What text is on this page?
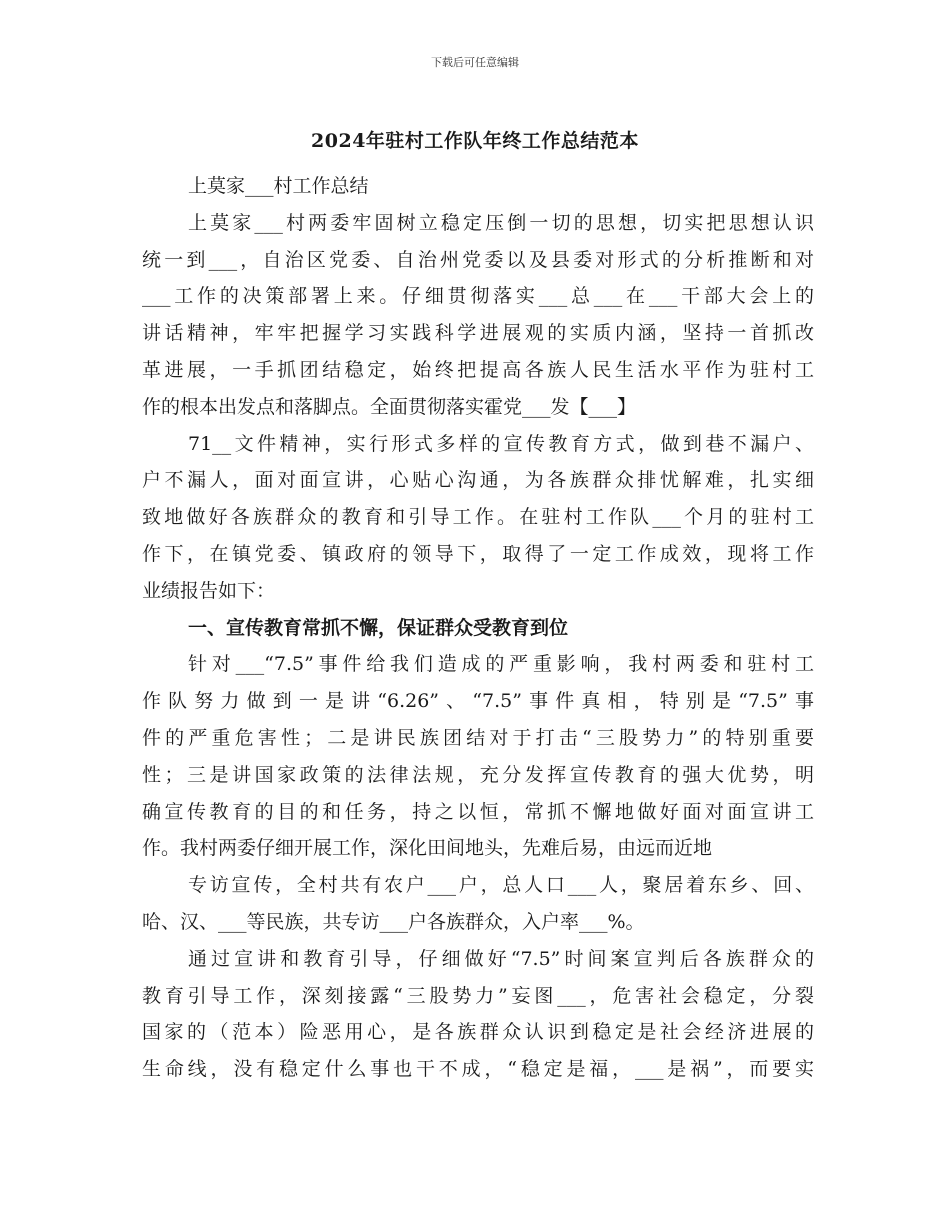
下载后可任意编辑
2024年驻村工作队年终工作总结范本
上莫家___村工作总结
上莫家___村两委牢固树立稳定压倒一切的思想，切实把思想认识
统一到___，自治区党委、自治州党委以及县委对形式的分析推断和对
___工作的决策部署上来。仔细贯彻落实___总___在___干部大会上的
讲话精神，牢牢把握学习实践科学进展观的实质内涵，坚持一首抓改
革进展，一手抓团结稳定，始终把提高各族人民生活水平作为驻村工
作的根本出发点和落脚点。全面贯彻落实霍党___发【___】
71__文件精神，实行形式多样的宣传教育方式，做到巷不漏户、
户不漏人，面对面宣讲，心贴心沟通，为各族群众排忧解难，扎实细
致地做好各族群众的教育和引导工作。在驻村工作队___个月的驻村工
作下，在镇党委、镇政府的领导下，取得了一定工作成效，现将工作
业绩报告如下：
一、宣传教育常抓不懈，保证群众受教育到位
针对___“7.5”事件给我们造成的严重影响，我村两委和驻村工
作队努力做到一是讲“6.26”、“7.5”事件真相，特别是“7.5”事
件的严重危害性；二是讲民族团结对于打击“三股势力”的特别重要
性；三是讲国家政策的法律法规，充分发挥宣传教育的强大优势，明
确宣传教育的目的和任务，持之以恒，常抓不懈地做好面对面宣讲工
作。我村两委仔细开展工作，深化田间地头，先难后易，由远而近地
专访宣传，全村共有农户___户，总人口___人，聚居着东乡、回、
哈、汉、___等民族，共专访___户各族群众，入户率___%。
通过宣讲和教育引导，仔细做好“7.5”时间案宣判后各族群众的
教育引导工作，深刻接露“三股势力”妄图___，危害社会稳定，分裂
国家的（范本）险恶用心，是各族群众认识到稳定是社会经济进展的
生命线，没有稳定什么事也干不成，“稳定是福，___是祸”，而要实
